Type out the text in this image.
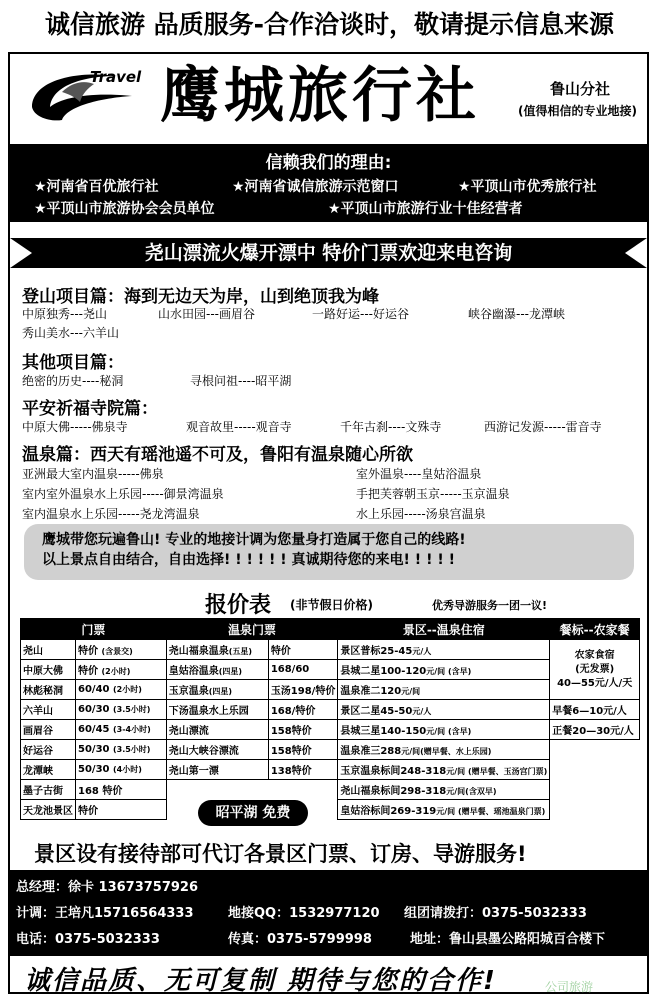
诚信旅游 品质服务-合作洽谈时，敬请提示信息来源
Travel 鹰城旅行社	鲁山分社
(值得相信的专业地接)
信赖我们的理由:
★河南省百优旅行社	★河南省诚信旅游示范窗口	★平顶山市优秀旅行社
★平顶山市旅游协会会员单位	★平顶山市旅游行业十佳经营者
尧山漂流火爆开漂中 特价门票欢迎来电咨询
登山项目篇：海到无边天为岸，山到绝顶我为峰
中原独秀---尧山	山水田园---画眉谷	一路好运---好运谷	峡谷幽瀑---龙潭峡
秀山美水---六羊山
其他项目篇：
绝密的历史----秘洞	寻根问祖----昭平湖
平安祈福寺院篇：
中原大佛-----佛泉寺	观音故里-----观音寺	千年古刹----文殊寺	西游记发源-----雷音寺
温泉篇：西天有瑶池遥不可及，鲁阳有温泉随心所欲
亚洲最大室内温泉-----佛泉
室内室外温泉水上乐园-----御景湾温泉
室内温泉水上乐园-----尧龙湾温泉
室外温泉----皇姑浴温泉
手把芙蓉朝玉京-----玉京温泉
水上乐园-----汤泉宫温泉
鹰城带您玩遍鲁山! 专业的地接计调为您量身打造属于您自己的线路!
以上景点自由结合，自由选择! ! ! ! ! ! 真诚期待您的来电! ! ! ! !
报价表 (非节假日价格)	优秀导游服务一团一议!
门票		温泉门票		景区--温泉住宿	餐标--农家餐
尧山	特价 (含景交)	尧山福泉温泉(五星)	特价	景区普标25-45元/人	农家食宿
(无发票)
40—55元/人/天

中原大佛	特价 (2小时)	皇姑浴温泉(四星)	168/60	县城二星100-120元/间 (含早)	
林彪秘洞	60/40 (2小时)	玉京温泉(四星)	玉汤198/特价	温泉准二120元/间	
六羊山	60/30 (3.5小时)	下汤温泉水上乐园	168/特价	景区二星45-50元/人	早餐6—10元/人
画眉谷	60/45 (3-4小时)	尧山漂流	158特价	县城三星140-150元/间 (含早)	正餐20—30元/人
好运谷	50/30 (3.5小时)	尧山大峡谷漂流	158特价	温泉准三288元/间(赠早餐、水上乐园)	
龙潭峡	50/30 (4小时)	尧山第一漂	138特价	玉京温泉标间248-318元/间 (赠早餐、玉汤宫门票)	
墨子古街	168 特价			尧山福泉标间298-318元/间(含双早)	
天龙池景区	特价			皇姑浴标间269-319元/间 (赠早餐、瑶池温泉门票)	
昭平湖 免费
景区设有接待部可代订各景区门票、订房、导游服务!
总经理：徐卡 13673757926
计调：王培凡15716564333	地接QQ：1532977120 组团请拨打：0375-5032333
电话：0375-5032333	传真：0375-5799998	地址：鲁山县墨公路阳城百合楼下
诚信品质、无可复制 期待与您的合作!	公司旅游
